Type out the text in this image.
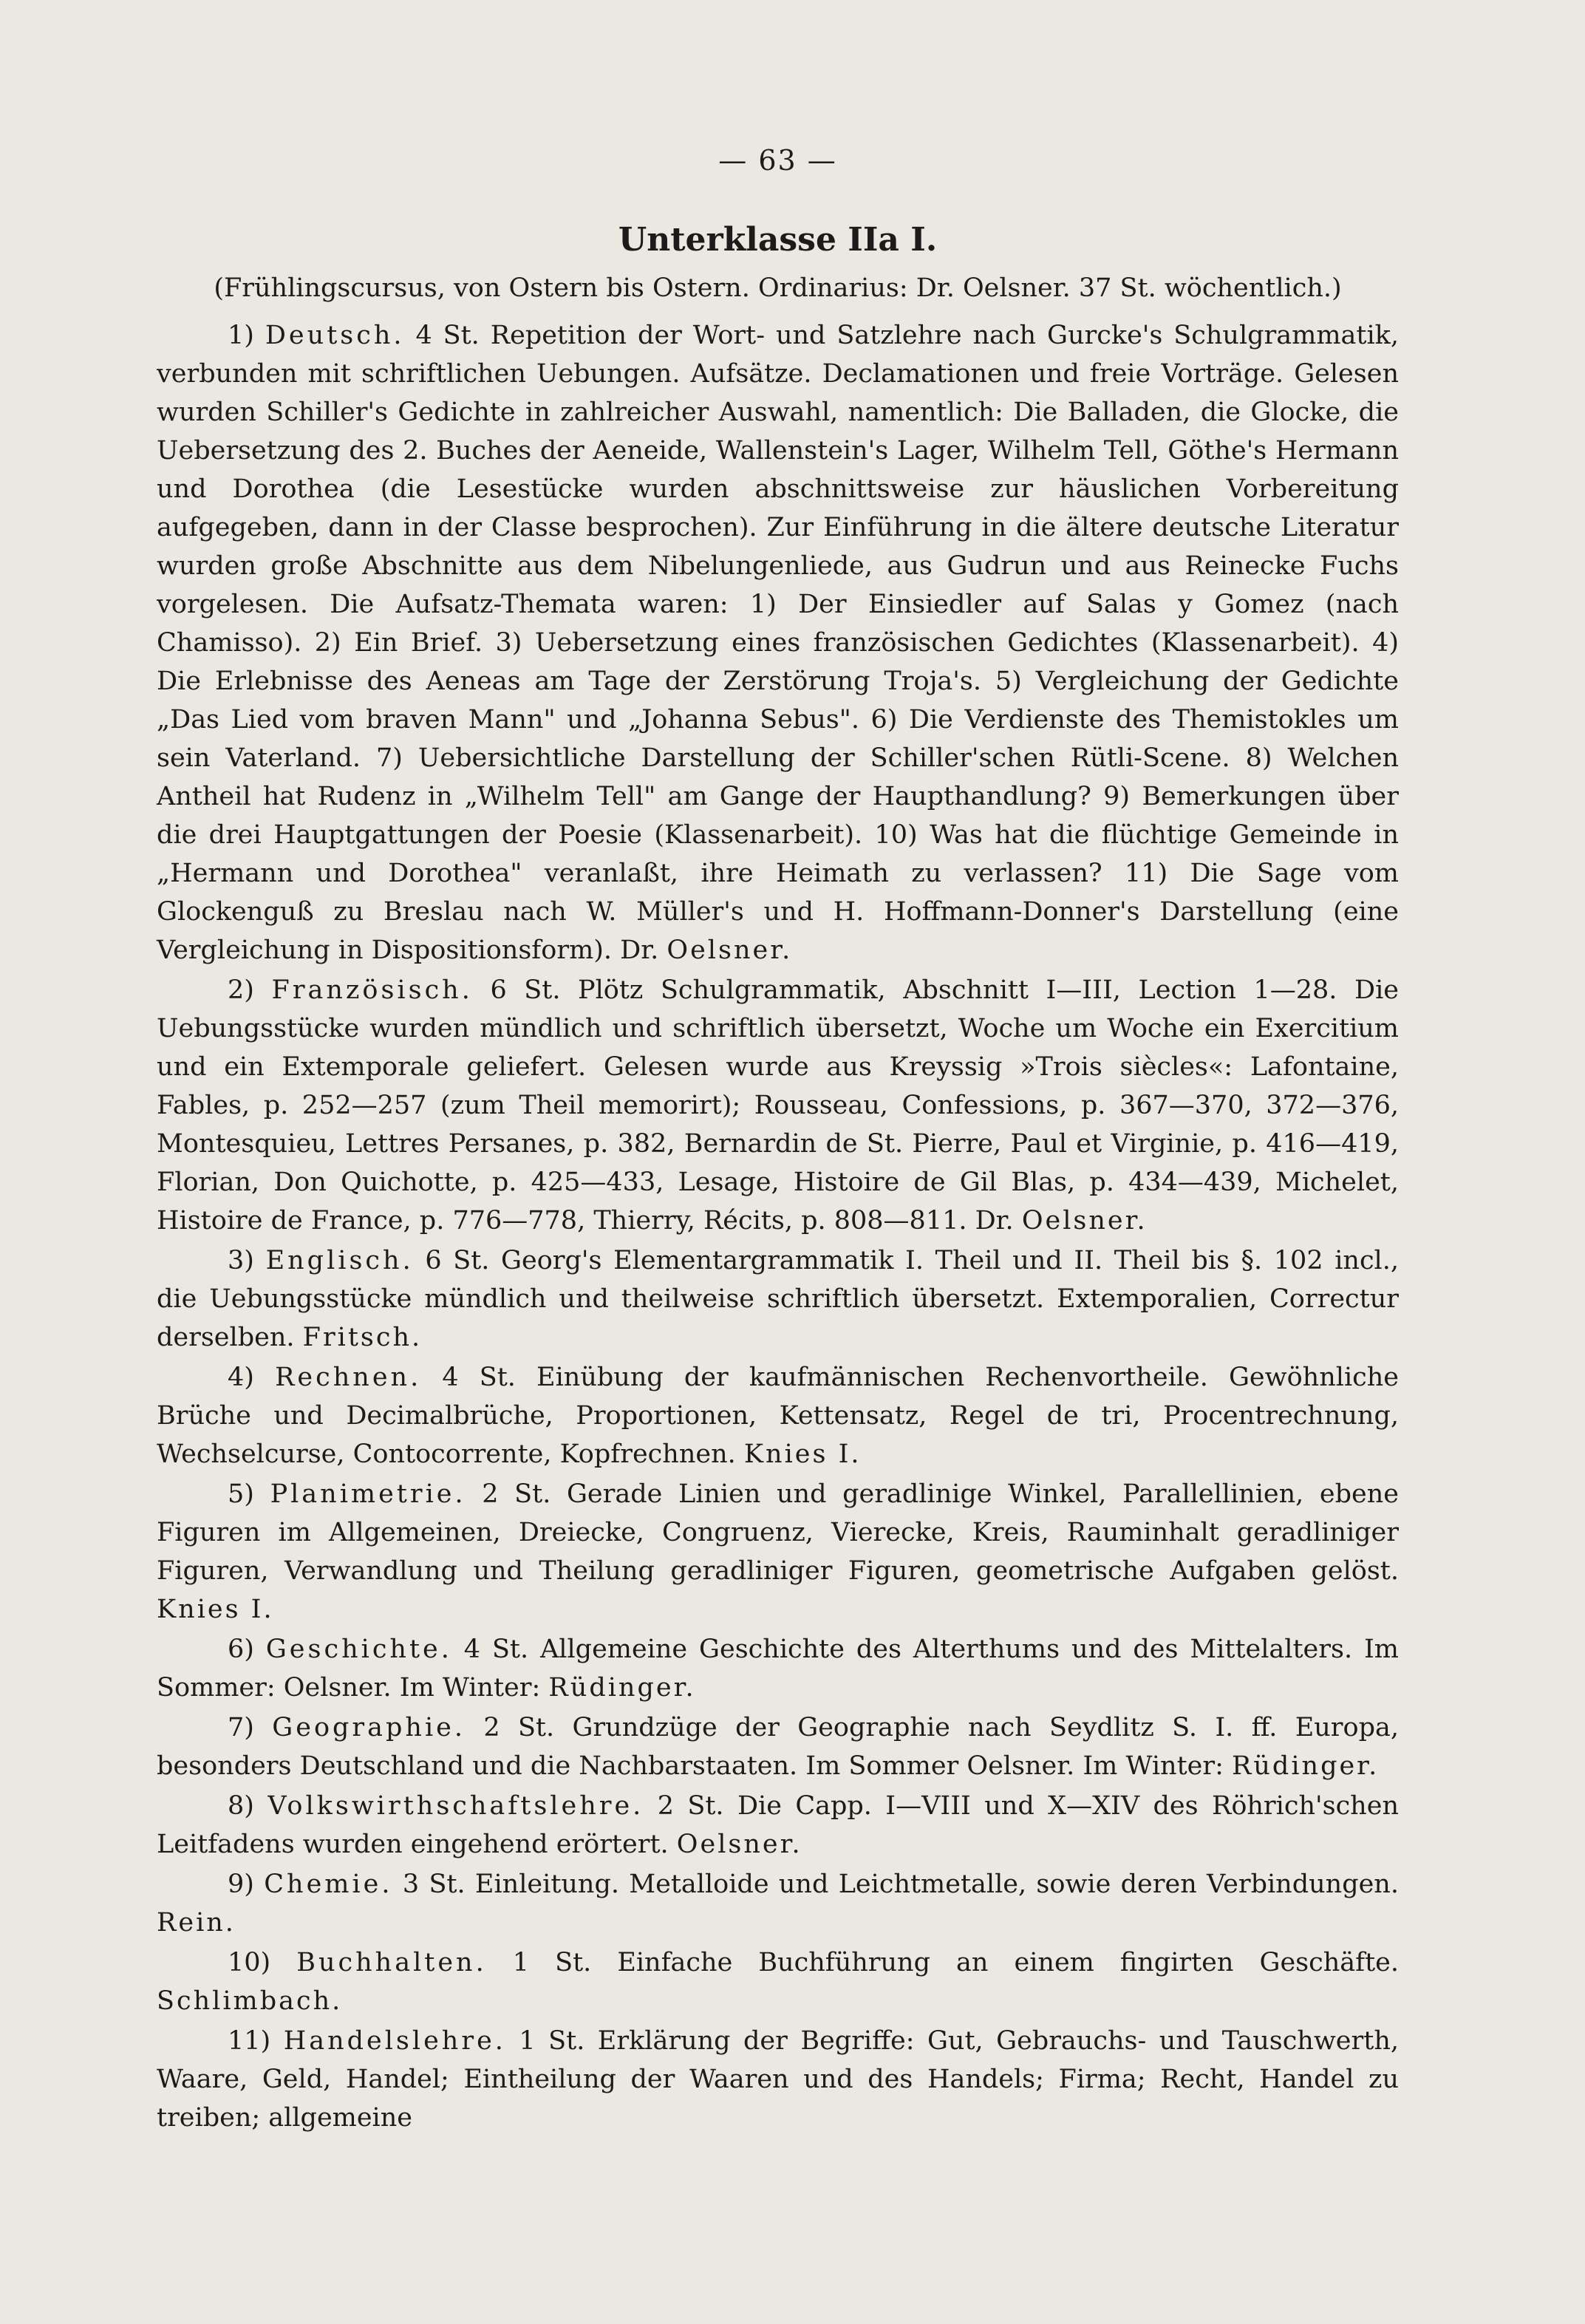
— 63 —
Unterklasse IIa I.
(Frühlingscursus, von Ostern bis Ostern. Ordinarius: Dr. Oelsner. 37 St. wöchentlich.)

1) Deutsch. 4 St. Repetition der Wort- und Satzlehre nach Gurcke's Schulgrammatik, verbunden mit schriftlichen Uebungen. Aufsätze. Declamationen und freie Vorträge. Gelesen wurden Schiller's Gedichte in zahlreicher Auswahl, namentlich: Die Balladen, die Glocke, die Uebersetzung des 2. Buches der Aeneide, Wallenstein's Lager, Wilhelm Tell, Göthe's Hermann und Dorothea (die Lesestücke wurden abschnittsweise zur häuslichen Vorbereitung aufgegeben, dann in der Classe besprochen). Zur Einführung in die ältere deutsche Literatur wurden große Abschnitte aus dem Nibelungenliede, aus Gudrun und aus Reinecke Fuchs vorgelesen. Die Aufsatz-Themata waren: 1) Der Einsiedler auf Salas y Gomez (nach Chamisso). 2) Ein Brief. 3) Uebersetzung eines französischen Gedichtes (Klassenarbeit). 4) Die Erlebnisse des Aeneas am Tage der Zerstörung Troja's. 5) Vergleichung der Gedichte „Das Lied vom braven Mann" und „Johanna Sebus". 6) Die Verdienste des Themistokles um sein Vaterland. 7) Uebersichtliche Darstellung der Schiller'schen Rütli-Scene. 8) Welchen Antheil hat Rudenz in „Wilhelm Tell" am Gange der Haupthandlung? 9) Bemerkungen über die drei Hauptgattungen der Poesie (Klassenarbeit). 10) Was hat die flüchtige Gemeinde in „Hermann und Dorothea" veranlaßt, ihre Heimath zu verlassen? 11) Die Sage vom Glockenguß zu Breslau nach W. Müller's und H. Hoffmann-Donner's Darstellung (eine Vergleichung in Dispositionsform). Dr. Oelsner.

2) Französisch. 6 St. Plötz Schulgrammatik, Abschnitt I—III, Lection 1—28. Die Uebungsstücke wurden mündlich und schriftlich übersetzt, Woche um Woche ein Exercitium und ein Extemporale geliefert. Gelesen wurde aus Kreyssig »Trois siècles«: Lafontaine, Fables, p. 252—257 (zum Theil memorirt); Rousseau, Confessions, p. 367—370, 372—376, Montesquieu, Lettres Persanes, p. 382, Bernardin de St. Pierre, Paul et Virginie, p. 416—419, Florian, Don Quichotte, p. 425—433, Lesage, Histoire de Gil Blas, p. 434—439, Michelet, Histoire de France, p. 776—778, Thierry, Récits, p. 808—811. Dr. Oelsner.

3) Englisch. 6 St. Georg's Elementargrammatik I. Theil und II. Theil bis §. 102 incl., die Uebungsstücke mündlich und theilweise schriftlich übersetzt. Extemporalien, Correctur derselben. Fritsch.

4) Rechnen. 4 St. Einübung der kaufmännischen Rechenvortheile. Gewöhnliche Brüche und Decimalbrüche, Proportionen, Kettensatz, Regel de tri, Procentrechnung, Wechselcurse, Contocorrente, Kopfrechnen. Knies I.

5) Planimetrie. 2 St. Gerade Linien und geradlinige Winkel, Parallellinien, ebene Figuren im Allgemeinen, Dreiecke, Congruenz, Vierecke, Kreis, Rauminhalt geradliniger Figuren, Verwandlung und Theilung geradliniger Figuren, geometrische Aufgaben gelöst. Knies I.

6) Geschichte. 4 St. Allgemeine Geschichte des Alterthums und des Mittelalters. Im Sommer: Oelsner. Im Winter: Rüdinger.

7) Geographie. 2 St. Grundzüge der Geographie nach Seydlitz S. I. ff. Europa, besonders Deutschland und die Nachbarstaaten. Im Sommer Oelsner. Im Winter: Rüdinger.

8) Volkswirthschaftslehre. 2 St. Die Capp. I—VIII und X—XIV des Röhrich'schen Leitfadens wurden eingehend erörtert. Oelsner.

9) Chemie. 3 St. Einleitung. Metalloide und Leichtmetalle, sowie deren Verbindungen. Rein.

10) Buchhalten. 1 St. Einfache Buchführung an einem fingirten Geschäfte. Schlimbach.

11) Handelslehre. 1 St. Erklärung der Begriffe: Gut, Gebrauchs- und Tauschwerth, Waare, Geld, Handel; Eintheilung der Waaren und des Handels; Firma; Recht, Handel zu treiben; allgemeine
